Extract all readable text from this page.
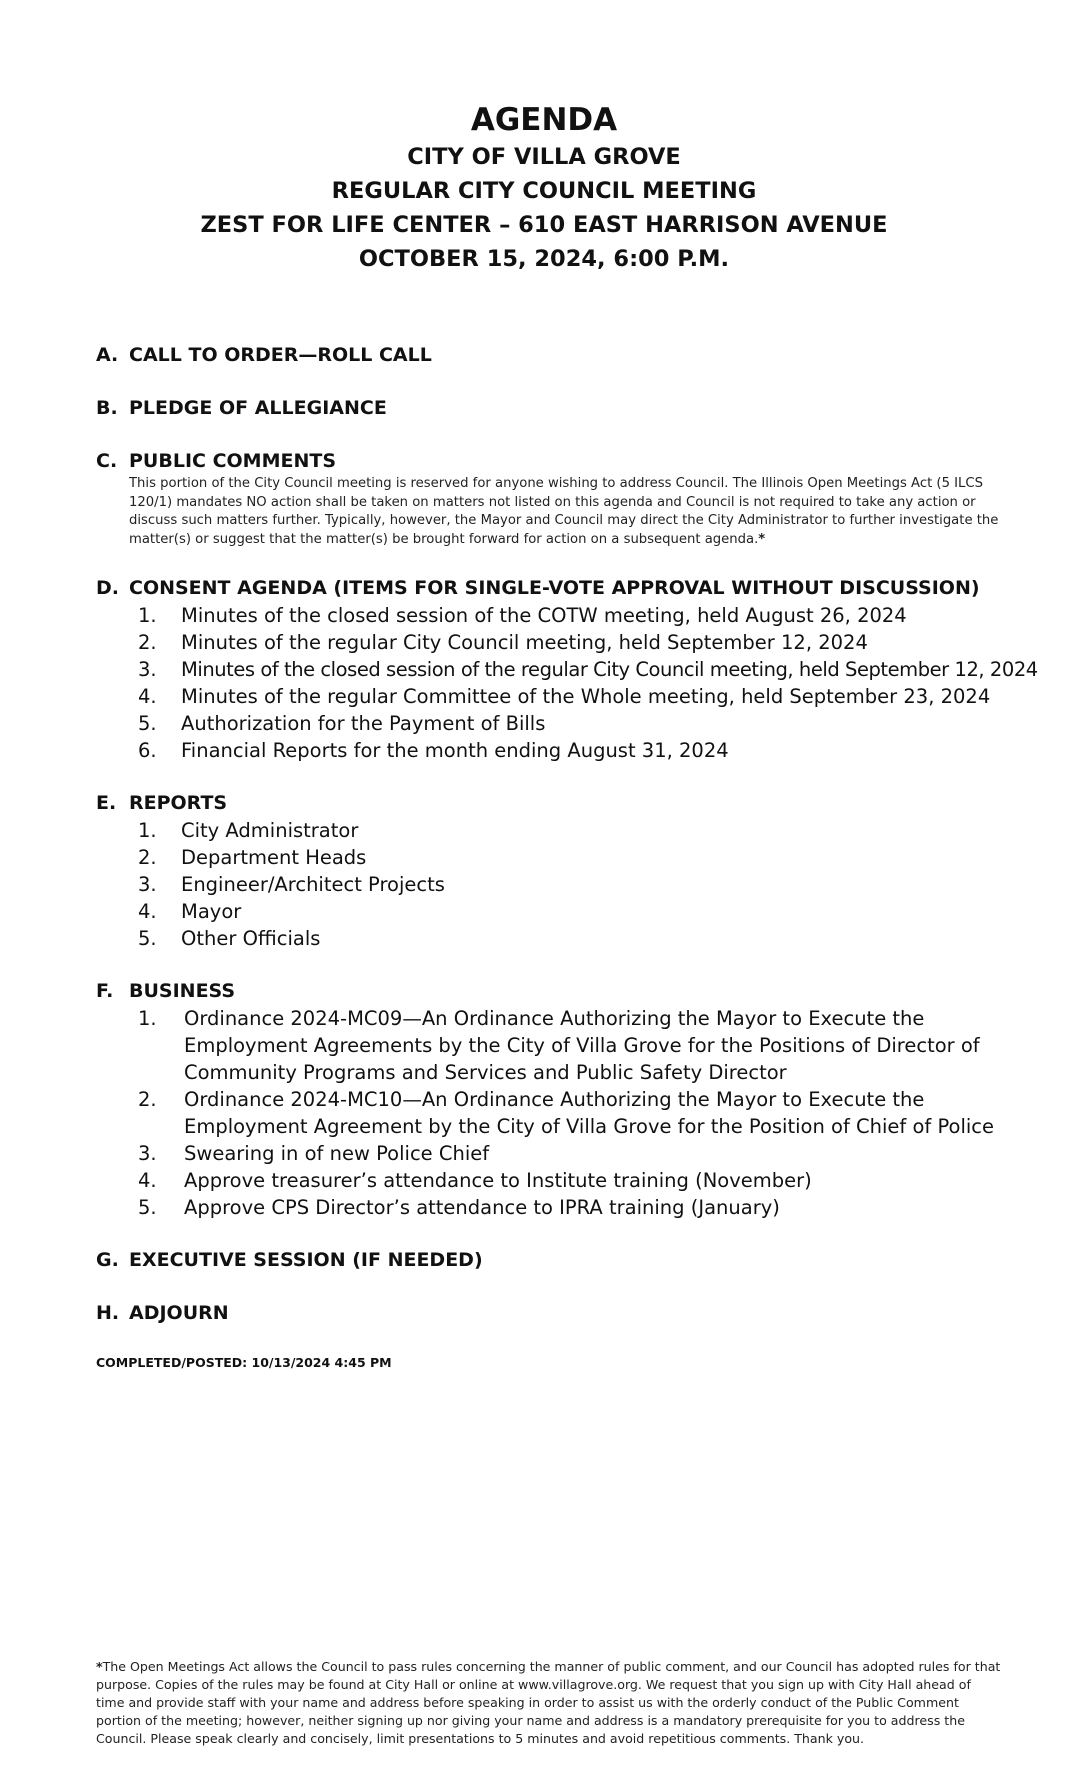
AGENDA
CITY OF VILLA GROVE
REGULAR CITY COUNCIL MEETING
ZEST FOR LIFE CENTER – 610 EAST HARRISON AVENUE
OCTOBER 15, 2024, 6:00 P.M.
A. CALL TO ORDER—ROLL CALL
B. PLEDGE OF ALLEGIANCE
C. PUBLIC COMMENTS
This portion of the City Council meeting is reserved for anyone wishing to address Council. The Illinois Open Meetings Act (5 ILCS 120/1) mandates NO action shall be taken on matters not listed on this agenda and Council is not required to take any action or discuss such matters further. Typically, however, the Mayor and Council may direct the City Administrator to further investigate the matter(s) or suggest that the matter(s) be brought forward for action on a subsequent agenda.*
D. CONSENT AGENDA (ITEMS FOR SINGLE-VOTE APPROVAL WITHOUT DISCUSSION)
1.	Minutes of the closed session of the COTW meeting, held August 26, 2024
2.	Minutes of the regular City Council meeting, held September 12, 2024
3.	Minutes of the closed session of the regular City Council meeting, held September 12, 2024
4.	Minutes of the regular Committee of the Whole meeting, held September 23, 2024
5.	Authorization for the Payment of Bills
6.	Financial Reports for the month ending August 31, 2024
E. REPORTS
1.	City Administrator
2.	Department Heads
3.	Engineer/Architect Projects
4.	Mayor
5.	Other Officials
F. BUSINESS
1.	Ordinance 2024-MC09—An Ordinance Authorizing the Mayor to Execute the Employment Agreements by the City of Villa Grove for the Positions of Director of Community Programs and Services and Public Safety Director
2.	Ordinance 2024-MC10—An Ordinance Authorizing the Mayor to Execute the Employment Agreement by the City of Villa Grove for the Position of Chief of Police
3.	Swearing in of new Police Chief
4.	Approve treasurer’s attendance to Institute training (November)
5.	Approve CPS Director’s attendance to IPRA training (January)
G. EXECUTIVE SESSION (IF NEEDED)
H. ADJOURN
COMPLETED/POSTED: 10/13/2024 4:45 PM
*The Open Meetings Act allows the Council to pass rules concerning the manner of public comment, and our Council has adopted rules for that purpose. Copies of the rules may be found at City Hall or online at www.villagrove.org. We request that you sign up with City Hall ahead of time and provide staff with your name and address before speaking in order to assist us with the orderly conduct of the Public Comment portion of the meeting; however, neither signing up nor giving your name and address is a mandatory prerequisite for you to address the Council. Please speak clearly and concisely, limit presentations to 5 minutes and avoid repetitious comments. Thank you.
